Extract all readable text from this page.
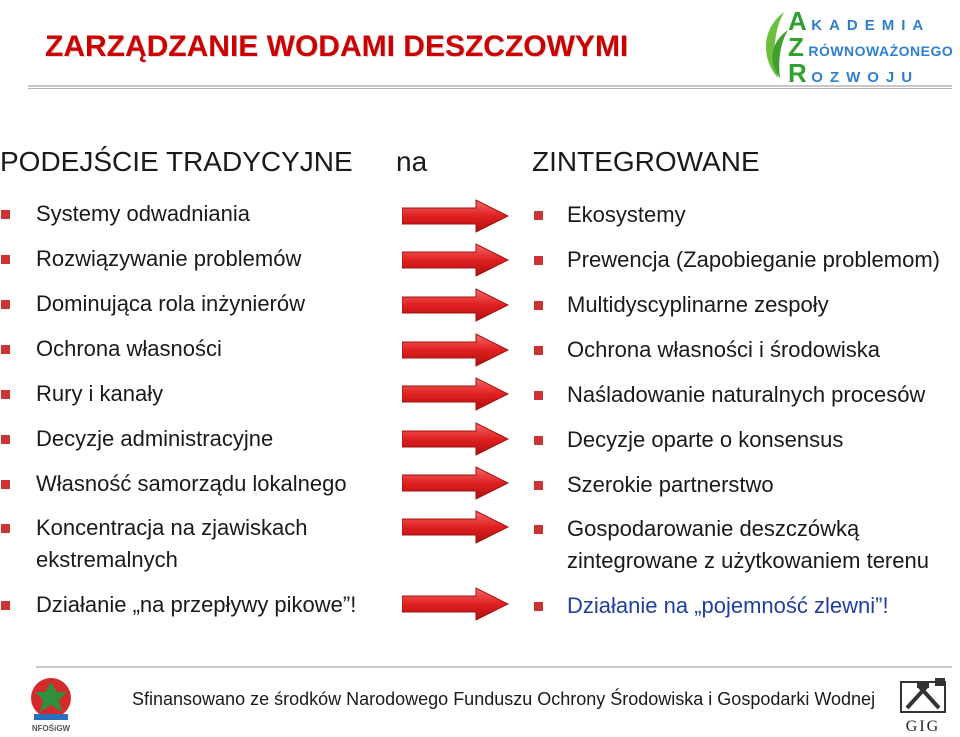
ZARZĄDZANIE WODAMI DESZCZOWYMI
A KADEMIA
Z RÓWNOWAŻONEGO
R OZWOJU
PODEJŚCIE TRADYCYJNE na	ZINTEGROWANE
Systemy odwadniania
Rozwiązywanie problemów
Dominująca rola inżynierów
Ochrona własności
Rury i kanały
Decyzje administracyjne
Własność samorządu lokalnego
Koncentracja na zjawiskach
ekstremalnych
Działanie „na przepływy pikowe”!
Ekosystemy
Prewencja (Zapobieganie problemom)
Multidyscyplinarne zespoły
Ochrona własności i środowiska
Naśladowanie naturalnych procesów
Decyzje oparte o konsensus
Szerokie partnerstwo
Gospodarowanie deszczówką
zintegrowane z użytkowaniem terenu
Działanie na „pojemność zlewni”!
NFOŚiGW
Sfinansowano ze środków Narodowego Funduszu Ochrony Środowiska i Gospodarki Wodnej
GIG
